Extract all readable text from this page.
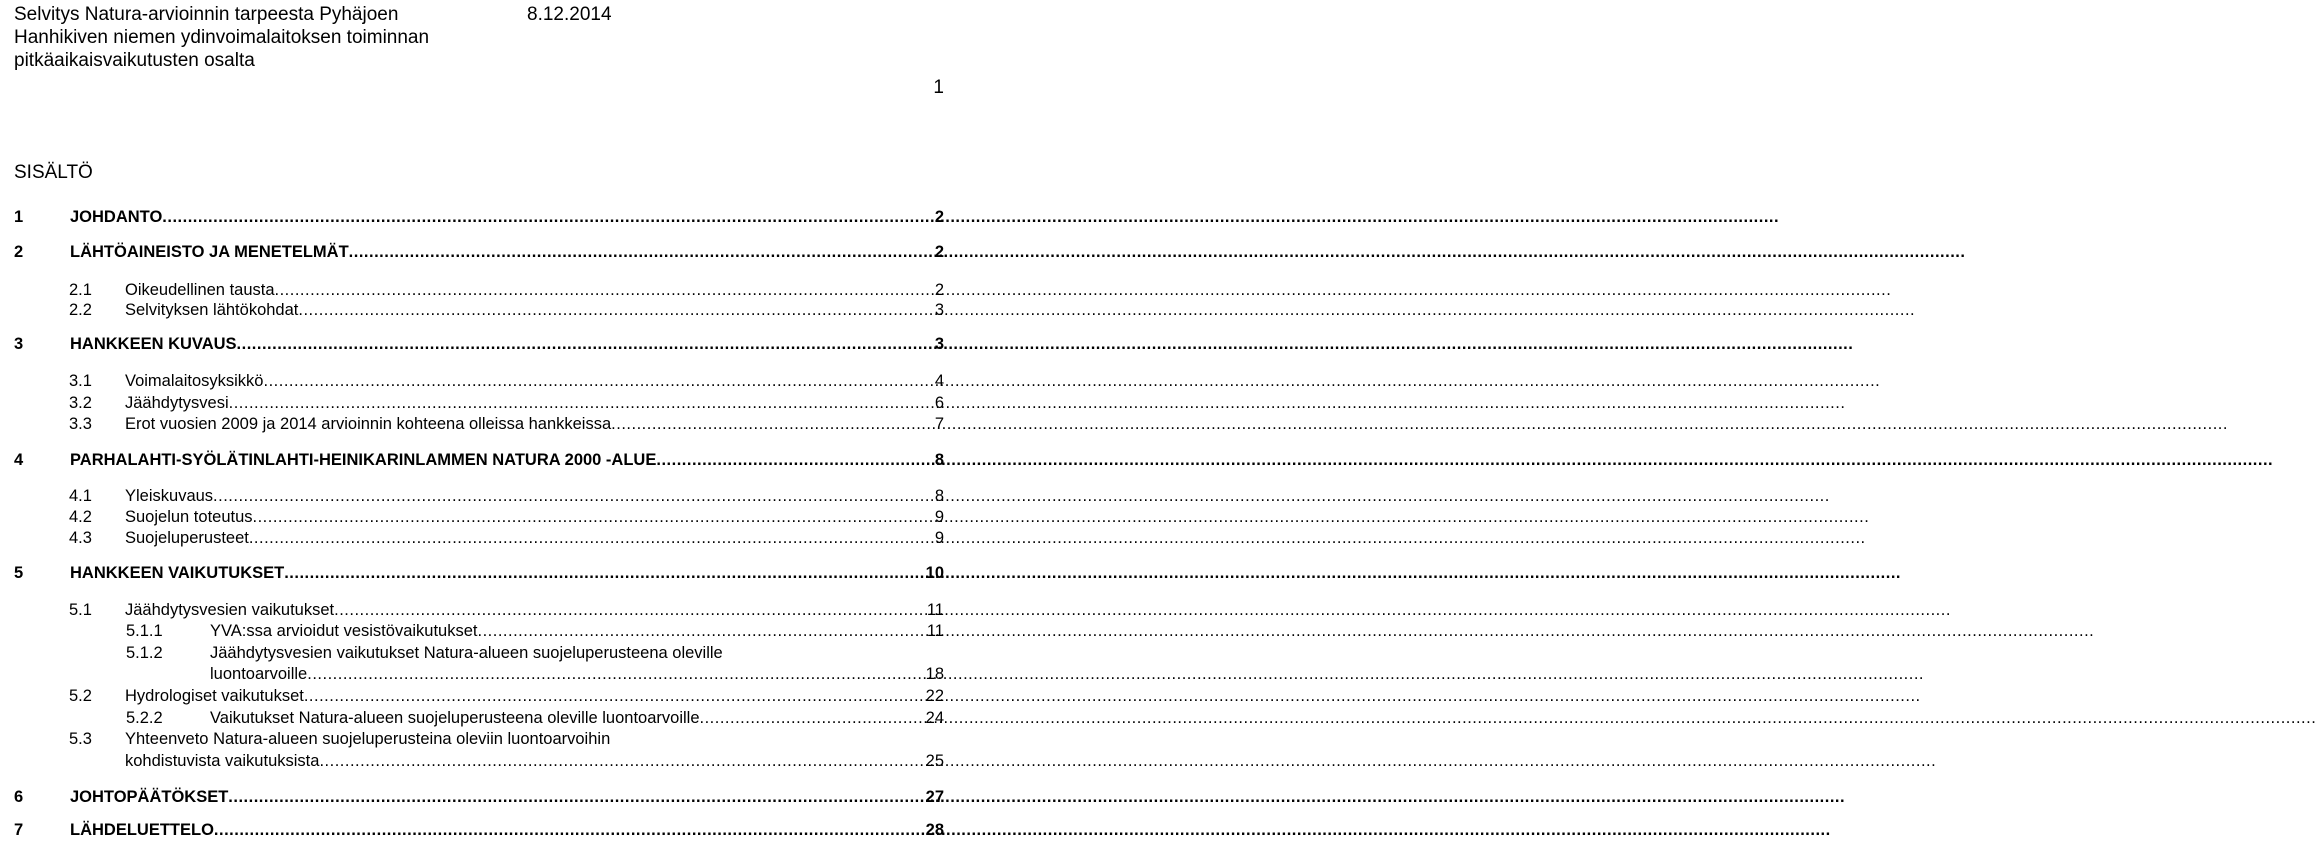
Selvitys Natura-arvioinnin tarpeesta Pyhäjoen
Hanhikiven niemen ydinvoimalaitoksen toiminnan
pitkäaikaisvaikutusten osalta
8.12.2014
1
SISÄLTÖ
1	JOHDANTO .....	2
2	LÄHTÖAINEISTO JA MENETELMÄT .....	2
2.1	Oikeudellinen tausta .....	2
2.2	Selvityksen lähtökohdat .....	3
3	HANKKEEN KUVAUS .....	3
3.1	Voimalaitosyksikkö .....	4
3.2	Jäähdytysvesi .....	6
3.3	Erot vuosien 2009 ja 2014 arvioinnin kohteena olleissa hankkeissa .....	7
4	PARHALAHTI-SYÖLÄTINLAHTI-HEINIKARINLAMMEN NATURA 2000 -ALUE .....	8
4.1	Yleiskuvaus .....	8
4.2	Suojelun toteutus .....	9
4.3	Suojeluperusteet .....	9
5	HANKKEEN VAIKUTUKSET .....	10
5.1	Jäähdytysvesien vaikutukset .....	11
5.1.1	YVA:ssa arvioidut vesistövaikutukset .....	11
5.1.2	Jäähdytysvesien vaikutukset Natura-alueen suojeluperusteena oleville
luontoarvoille .....	18
5.2	Hydrologiset vaikutukset .....	22
5.2.2	Vaikutukset Natura-alueen suojeluperusteena oleville luontoarvoille .....	24
5.3 Yhteenveto Natura-alueen suojeluperusteina oleviin luontoarvoihin
kohdistuvista vaikutuksista .....	25
6	JOHTOPÄÄTÖKSET .....	27
7	LÄHDELUETTELO .....	28
